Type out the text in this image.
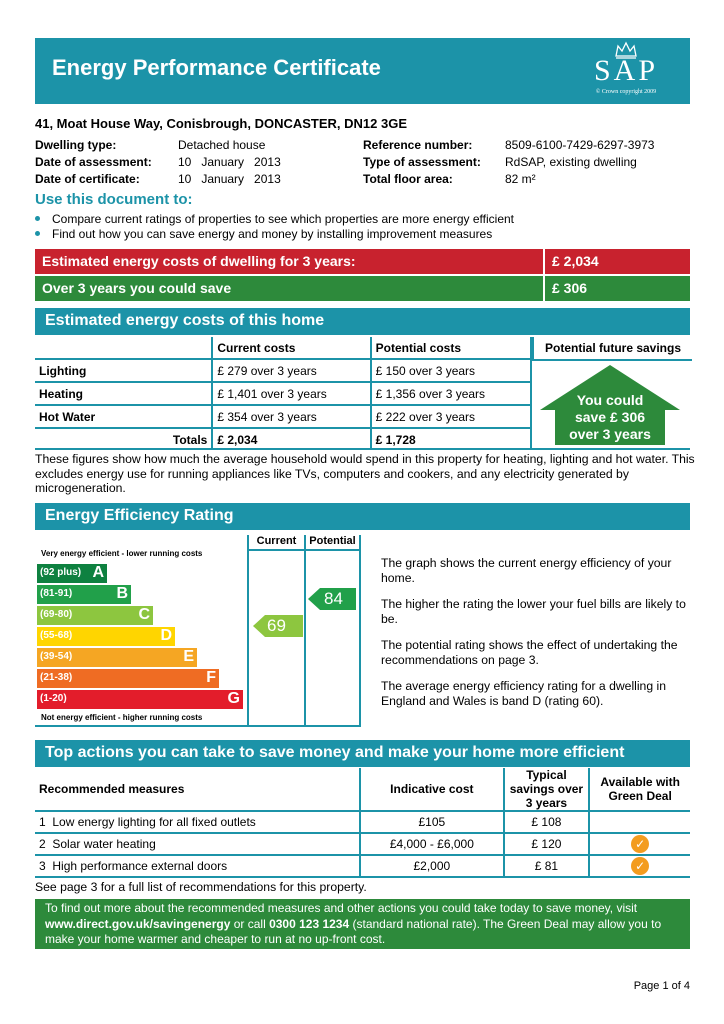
Energy Performance Certificate	SAP
© Crown copyright 2009
41, Moat House Way, Conisbrough, DONCASTER, DN12 3GE
Dwelling type:	Detached house
Date of assessment: 10   January   2013
Date of certificate:	10   January   2013
Reference number:	8509-6100-7429-6297-3973
Type of assessment: RdSAP, existing dwelling
Total floor area:	82 m²
Use this document to:
Compare current ratings of properties to see which properties are more energy efficient
Find out how you can save energy and money by installing improvement measures
Estimated energy costs of dwelling for 3 years:	£ 2,034
Over 3 years you could save	£ 306
Estimated energy costs of this home
	Current costs	Potential costs
Lighting	£ 279 over 3 years	£ 150 over 3 years
Heating	£ 1,401 over 3 years	£ 1,356 over 3 years
Hot Water	£ 354 over 3 years	£ 222 over 3 years
Totals	£ 2,034	£ 1,728
Potential future savings
You could
save £ 306
over 3 years
These figures show how much the average household would spend in this property for heating, lighting and hot water. This excludes energy use for running appliances like TVs, computers and cookers, and any electricity generated by microgeneration.
Energy Efficiency Rating
Current	Potential
Very energy efficient - lower running costs
(92 plus) A
(81-91)	B
(69-80)	C
(55-68)	D
(39-54)	E
(21-38)	F
(1-20)	G
Not energy efficient - higher running costs
69
84

The graph shows the current energy efficiency of your home.

The higher the rating the lower your fuel bills are likely to be.

The potential rating shows the effect of undertaking the recommendations on page 3.

The average energy efficiency rating for a dwelling in England and Wales is band D (rating 60).

Top actions you can take to save money and make your home more efficient
Recommended measures	Indicative cost	Typical savings over 3 years	Available with Green Deal
1 Low energy lighting for all fixed outlets	£105	£ 108	
2 Solar water heating	£4,000 - £6,000	£ 120	✓
3 High performance external doors	£2,000	£ 81	✓
See page 3 for a full list of recommendations for this property.
To find out more about the recommended measures and other actions you could take today to save money, visit www.direct.gov.uk/savingenergy or call 0300 123 1234 (standard national rate). The Green Deal may allow you to make your home warmer and cheaper to run at no up-front cost.
Page 1 of 4
